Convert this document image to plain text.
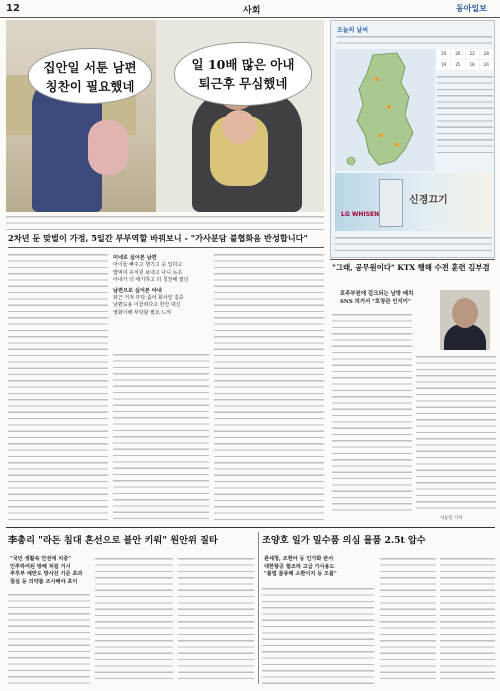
12	사회	동아일보
집안일 서툰 남편
칭찬이 필요했네
일 10배 많은 아내
퇴근후 무심했네
2차년 둔 맞벌이 가정, 5일간 부부역할 바꿔보니 - "가사분담 불협화음 반성합니다"
미네로 싶어본 남편
아이들 빠주고 챙기고 옷 입히고
밥먹여 유치원 보내고 나니 녹초
아내가 더 애기하고 더 칭찬해 줬던
남편으로 싶어본 아내
퇴근 거져 부탁 좀어 회사일 집중
남편도용 이끌려다고 한잔 대신
영화이해 부탁할 필요 느껴
오늘의 날씨
20	26	22	28
19	25	18	24
신경끄기
LG WHISEN
"그래, 공무원이다" KTX 행해 수젼 훈련 김부겸
호주부원에 걸크되는 남방 배치
SNS 의거서 "호창관 인지이"
서동일 기자
李총리 "라돈 침대 혼선으로 불안 키워" 원안위 질타
"국민 생활속 안전에 치중"
인추하여된 방해 처럼 거시
추후부 예반도 방사선 기준 초과
침실 등 의약품 조사해야 초이
조양호 일가 밀수품 의심 물품 2.5t 압수
관세청, 조현아 등 인가화 판서
대한항공 협조하 고급 가사용도
"불법 물류해 소환이지 등 오를"
